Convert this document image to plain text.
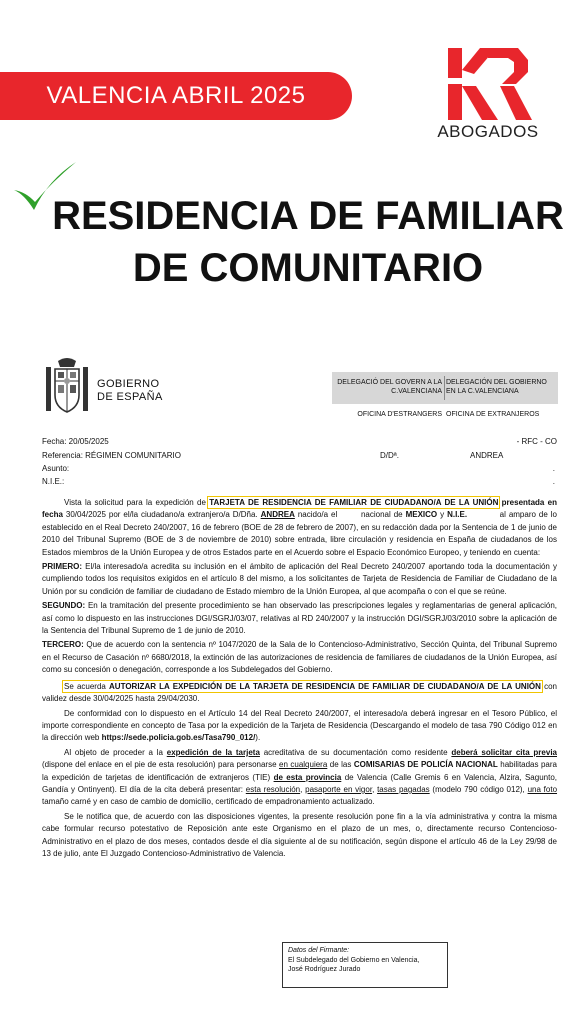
VALENCIA ABRIL 2025
ABOGADOS
RESIDENCIA DE FAMILIAR
DE COMUNITARIO
GOBIERNO
DE ESPAÑA
DELEGACIÓ DEL GOVERN A LA C.VALENCIANA
DELEGACIÓN DEL GOBIERNO EN LA C.VALENCIANA
OFICINA D'ESTRANGERS OFICINA DE EXTRANJEROS
Fecha: 20/05/2025	- RFC - CO
Referencia: RÉGIMEN COMUNITARIO	D/Dª.	ANDREA
Asunto:	.
N.I.E.:	.

Vista la solicitud para la expedición de TARJETA DE RESIDENCIA DE FAMILIAR DE CIUDADANO/A DE LA UNIÓN presentada en fecha 30/04/2025 por el/la ciudadano/a extranjero/a D/Dña. ANDREA nacido/a el        nacional de MEXICO y N.I.E.	al amparo de lo establecido en el Real Decreto 240/2007, 16 de febrero (BOE de 28 de febrero de 2007), en su redacción dada por la Sentencia de 1 de junio de 2010 del Tribunal Supremo (BOE de 3 de noviembre de 2010) sobre entrada, libre circulación y residencia en España de ciudadanos de los Estados miembros de la Unión Europea y de otros Estados parte en el Acuerdo sobre el Espacio Económico Europeo, y teniendo en cuenta:

PRIMERO: El/la interesado/a acredita su inclusión en el ámbito de aplicación del Real Decreto 240/2007 aportando toda la documentación y cumpliendo todos los requisitos exigidos en el artículo 8 del mismo, a los solicitantes de Tarjeta de Residencia de Familiar de Ciudadano de la Unión por su condición de familiar de ciudadano de Estado miembro de la Unión Europea, al que acompaña o con el que se reúne.

SEGUNDO: En la tramitación del presente procedimiento se han observado las prescripciones legales y reglamentarias de general aplicación, así como lo dispuesto en las instrucciones DGI/SGRJ/03/07, relativas al RD 240/2007 y la instrucción DGI/SGRJ/03/2010 sobre la aplicación de la Sentencia del Tribunal Supremo de 1 de junio de 2010.

TERCERO: Que de acuerdo con la sentencia nº 1047/2020 de la Sala de lo Contencioso-Administrativo, Sección Quinta, del Tribunal Supremo en el Recurso de Casación nº 6680/2018, la extinción de las autorizaciones de residencia de familiares de ciudadanos de la Unión Europea, así como su concesión o denegación, corresponde a los Subdelegados del Gobierno.

Se acuerda AUTORIZAR LA EXPEDICIÓN DE LA TARJETA DE RESIDENCIA DE FAMILIAR DE CIUDADANO/A DE LA UNIÓN con validez desde 30/04/2025 hasta 29/04/2030.

De conformidad con lo dispuesto en el Artículo 14 del Real Decreto 240/2007, el interesado/a deberá ingresar en el Tesoro Público, el importe correspondiente en concepto de Tasa por la expedición de la Tarjeta de Residencia (Descargando el modelo de tasa 790 Código 012 en la dirección web https://sede.policia.gob.es/Tasa790_012/).

Al objeto de proceder a la expedición de la tarjeta acreditativa de su documentación como residente deberá solicitar cita previa (dispone del enlace en el pie de esta resolución) para personarse en cualquiera de las COMISARIAS DE POLICÍA NACIONAL habilitadas para la expedición de tarjetas de identificación de extranjeros (TIE) de esta provincia de Valencia (Calle Gremis 6 en Valencia, Alzira, Sagunto, Gandía y Ontinyent). El día de la cita deberá presentar: esta resolución, pasaporte en vigor, tasas pagadas (modelo 790 código 012), una foto tamaño carné y en caso de cambio de domicilio, certificado de empadronamiento actualizado.

Se le notifica que, de acuerdo con las disposiciones vigentes, la presente resolución pone fin a la vía administrativa y contra la misma cabe formular recurso potestativo de Reposición ante este Organismo en el plazo de un mes, o, directamente recurso Contencioso-Administrativo en el plazo de dos meses, contados desde el día siguiente al de su notificación, según dispone el artículo 46 de la Ley 29/98 de 13 de julio, ante El Juzgado Contencioso-Administrativo de Valencia.

Datos del Firmante:
El Subdelegado del Gobierno en Valencia,
José Rodríguez Jurado
